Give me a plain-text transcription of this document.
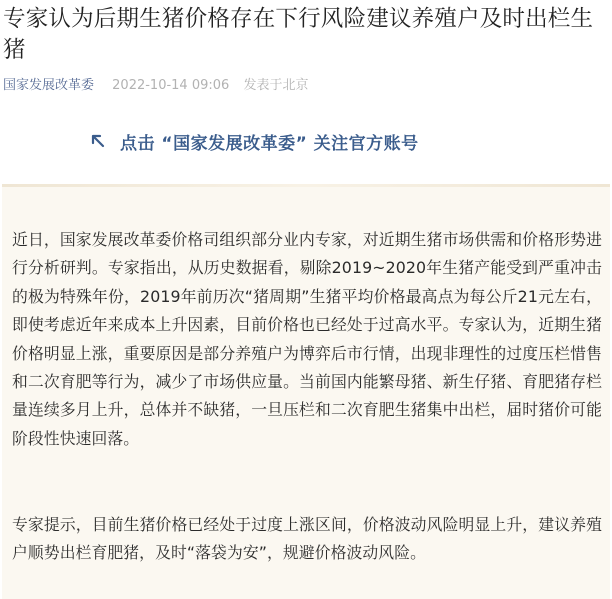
专家认为后期生猪价格存在下行风险建议养殖户及时出栏生猪
国家发展改革委 2022-10-14 09:06 发表于北京
点击 “国家发展改革委” 关注官方账号

近日，国家发展改革委价格司组织部分业内专家，对近期生猪市场供需和价格形势进行分析研判。专家指出，从历史数据看，剔除2019~2020年生猪产能受到严重冲击的极为特殊年份，2019年前历次“猪周期”生猪平均价格最高点为每公斤21元左右，即使考虑近年来成本上升因素，目前价格也已经处于过高水平。专家认为，近期生猪价格明显上涨，重要原因是部分养殖户为博弈后市行情，出现非理性的过度压栏惜售和二次育肥等行为，减少了市场供应量。当前国内能繁母猪、新生仔猪、育肥猪存栏量连续多月上升，总体并不缺猪，一旦压栏和二次育肥生猪集中出栏，届时猪价可能阶段性快速回落。

专家提示，目前生猪价格已经处于过度上涨区间，价格波动风险明显上升，建议养殖户顺势出栏育肥猪，及时“落袋为安”，规避价格波动风险。
